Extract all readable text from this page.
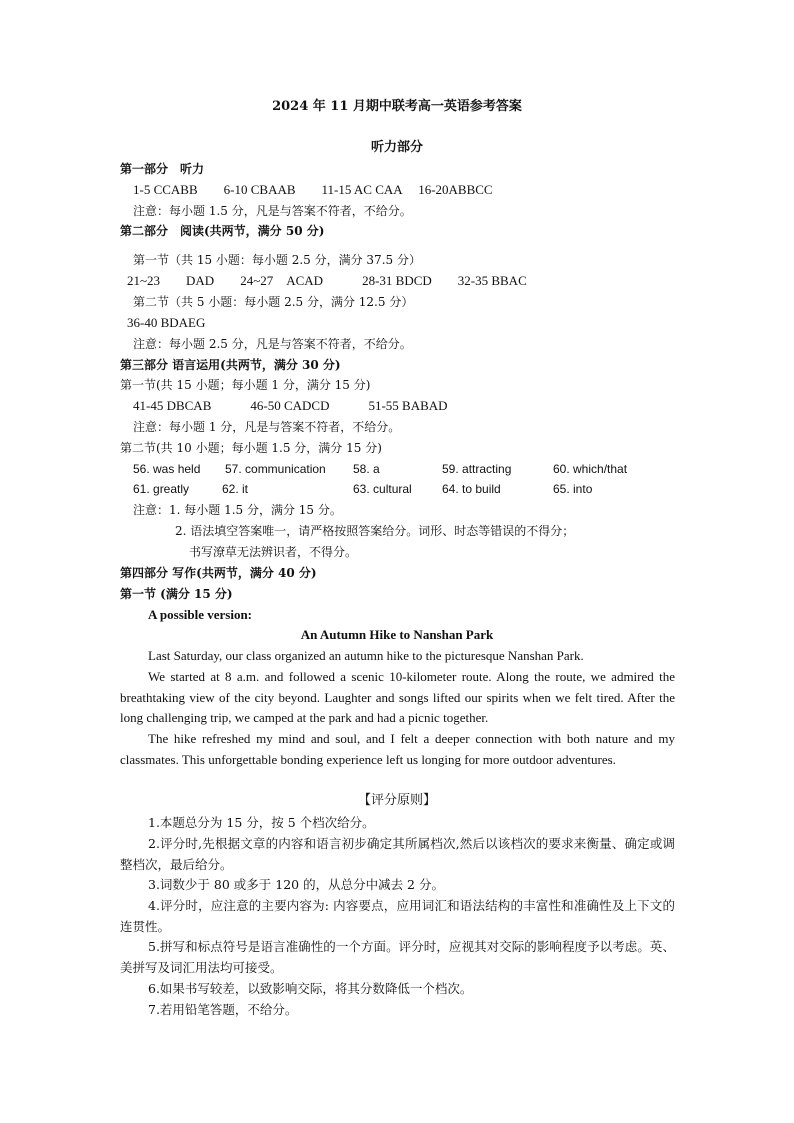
2024 年 11 月期中联考高一英语参考答案
听力部分
第一部分　听力
1-5 CCABB　　6-10 CBAAB　　11-15 AC CAA　 16-20ABBCC
注意：每小题 1.5 分，凡是与答案不符者，不给分。
第二部分　阅读(共两节，满分 50 分)
第一节（共 15 小题：每小题 2.5 分，满分 37.5 分）
21~23　　DAD　　24~27　ACAD　　　28-31 BDCD　　32-35 BBAC
第二节（共 5 小题：每小题 2.5 分，满分 12.5 分）
36-40 BDAEG
注意：每小题 2.5 分，凡是与答案不符者，不给分。
第三部分 语言运用(共两节，满分 30 分)
第一节(共 15 小题；每小题 1 分，满分 15 分)
41-45 DBCAB　　　46-50 CADCD　　　51-55 BABAD
注意：每小题 1 分，凡是与答案不符者，不给分。
第二节(共 10 小题；每小题 1.5 分，满分 15 分)
56. was held 57. communication 58. a	59. attracting	60. which/that
61. greatly	62. it	63. cultural	64. to build	65. into
注意：1. 每小题 1.5 分，满分 15 分。
2. 语法填空答案唯一，请严格按照答案给分。词形、时态等错误的不得分；
书写潦草无法辨识者，不得分。
第四部分 写作(共两节，满分 40 分)
第一节 (满分 15 分)
A possible version:
An Autumn Hike to Nanshan Park
Last Saturday, our class organized an autumn hike to the picturesque Nanshan Park.
We started at 8 a.m. and followed a scenic 10-kilometer route. Along the route, we admired the breathtaking view of the city beyond. Laughter and songs lifted our spirits when we felt tired. After the long challenging trip, we camped at the park and had a picnic together.
The hike refreshed my mind and soul, and I felt a deeper connection with both nature and my classmates. This unforgettable bonding experience left us longing for more outdoor adventures.
【评分原则】
1.本题总分为 15 分，按 5 个档次给分。
2.评分时,先根据文章的内容和语言初步确定其所属档次,然后以该档次的要求来衡量、确定或调整档次，最后给分。
3.词数少于 80 或多于 120 的，从总分中减去 2 分。
4.评分时，应注意的主要内容为: 内容要点，应用词汇和语法结构的丰富性和准确性及上下文的连贯性。
5.拼写和标点符号是语言准确性的一个方面。评分时，应视其对交际的影响程度予以考虑。英、美拼写及词汇用法均可接受。
6.如果书写较差，以致影响交际，将其分数降低一个档次。
7.若用铅笔答题，不给分。
